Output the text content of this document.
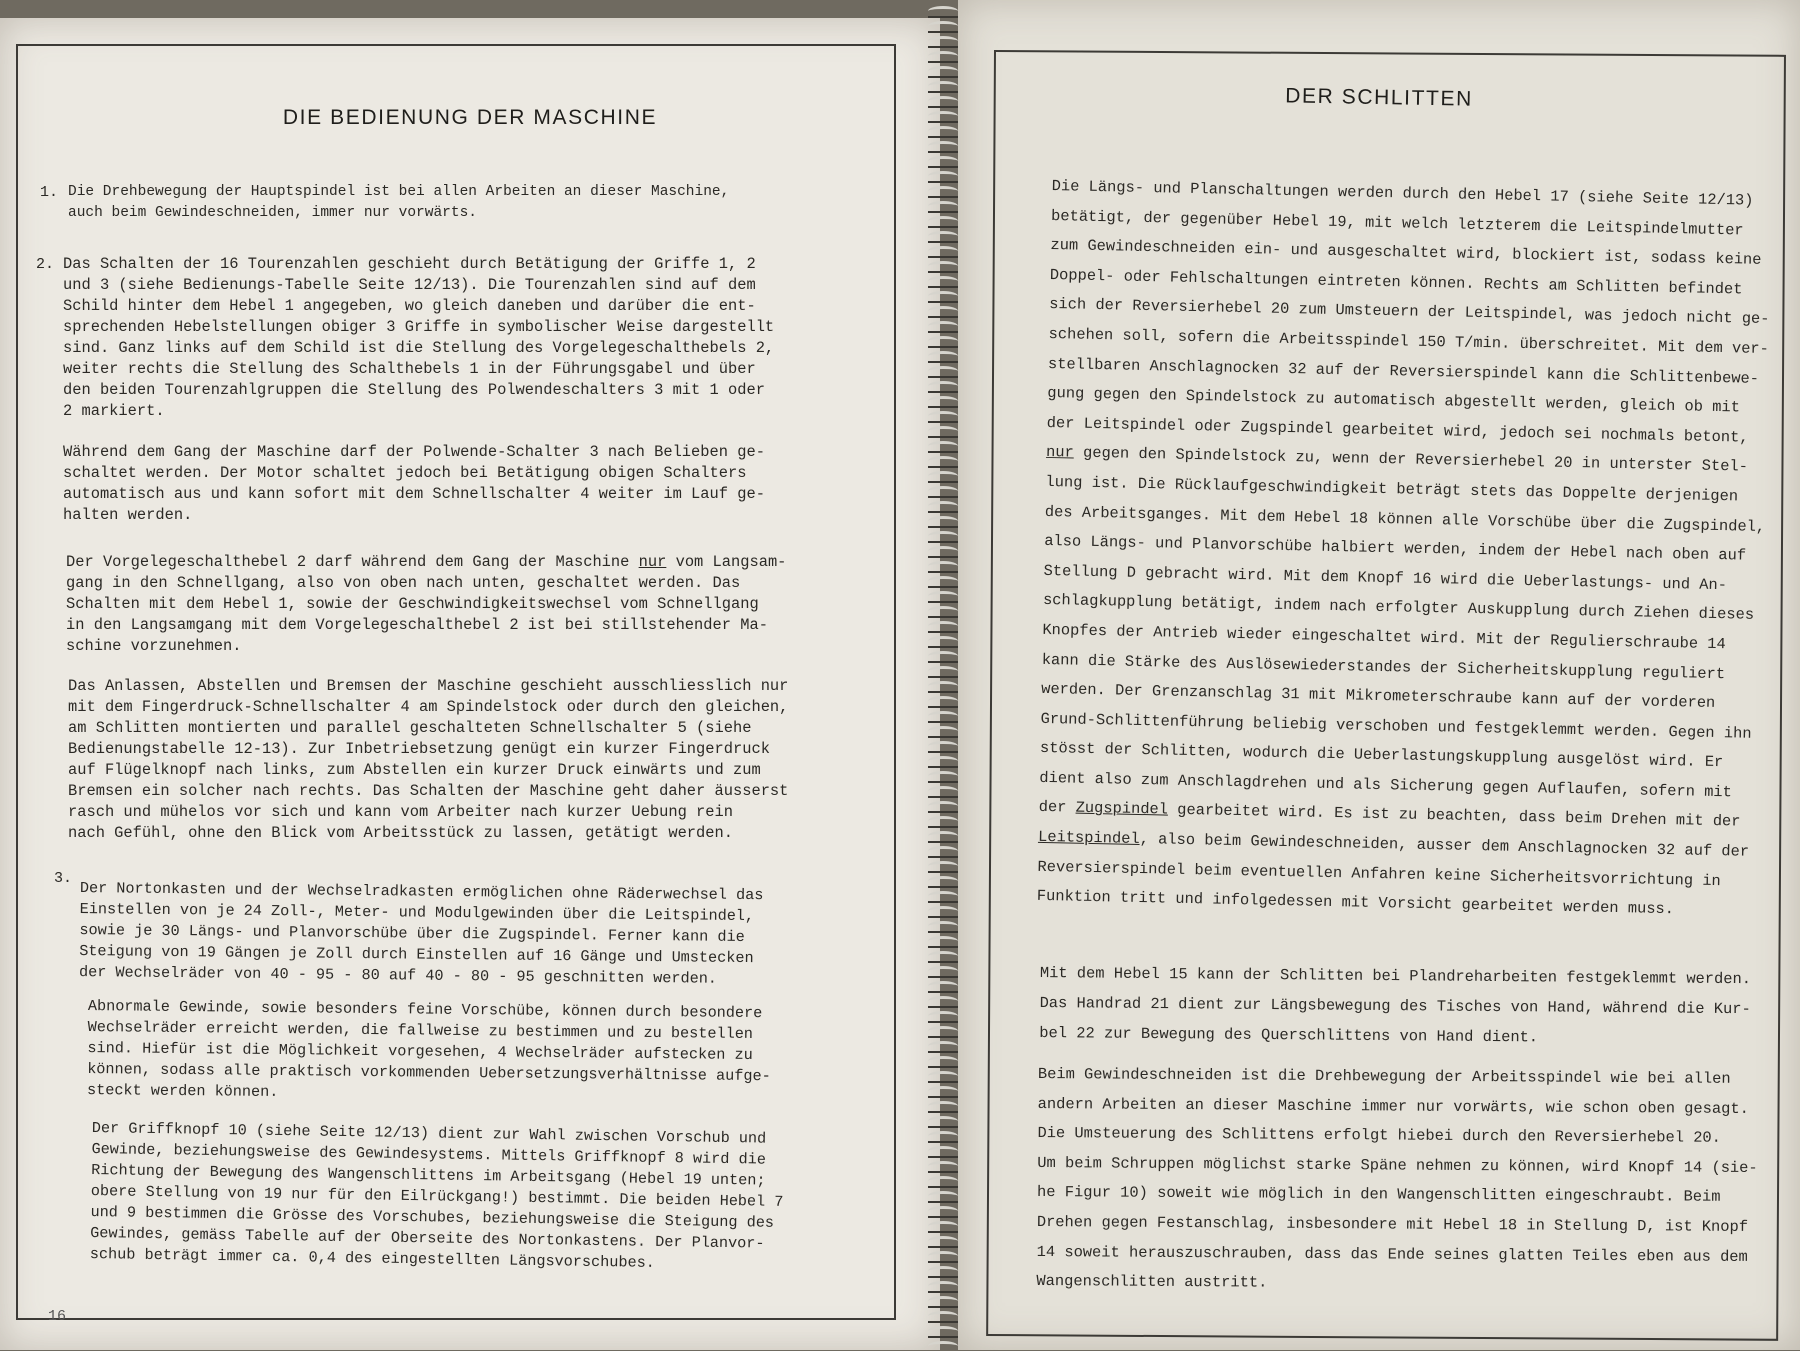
DIE BEDIENUNG DER MASCHINE
1. Die Drehbewegung der Hauptspindel ist bei allen Arbeiten an dieser Maschine,
auch beim Gewindeschneiden, immer nur vorwärts.
2. Das Schalten der 16 Tourenzahlen geschieht durch Betätigung der Griffe 1, 2
und 3 (siehe Bedienungs-Tabelle Seite 12/13). Die Tourenzahlen sind auf dem
Schild hinter dem Hebel 1 angegeben, wo gleich daneben und darüber die ent-
sprechenden Hebelstellungen obiger 3 Griffe in symbolischer Weise dargestellt
sind. Ganz links auf dem Schild ist die Stellung des Vorgelegeschalthebels 2,
weiter rechts die Stellung des Schalthebels 1 in der Führungsgabel und über
den beiden Tourenzahlgruppen die Stellung des Polwendeschalters 3 mit 1 oder
2 markiert.
Während dem Gang der Maschine darf der Polwende-Schalter 3 nach Belieben ge-
schaltet werden. Der Motor schaltet jedoch bei Betätigung obigen Schalters
automatisch aus und kann sofort mit dem Schnellschalter 4 weiter im Lauf ge-
halten werden.
Der Vorgelegeschalthebel 2 darf während dem Gang der Maschine nur vom Langsam-
gang in den Schnellgang, also von oben nach unten, geschaltet werden. Das
Schalten mit dem Hebel 1, sowie der Geschwindigkeitswechsel vom Schnellgang
in den Langsamgang mit dem Vorgelegeschalthebel 2 ist bei stillstehender Ma-
schine vorzunehmen.
Das Anlassen, Abstellen und Bremsen der Maschine geschieht ausschliesslich nur
mit dem Fingerdruck-Schnellschalter 4 am Spindelstock oder durch den gleichen,
am Schlitten montierten und parallel geschalteten Schnellschalter 5 (siehe
Bedienungstabelle 12-13). Zur Inbetriebsetzung genügt ein kurzer Fingerdruck
auf Flügelknopf nach links, zum Abstellen ein kurzer Druck einwärts und zum
Bremsen ein solcher nach rechts. Das Schalten der Maschine geht daher äusserst
rasch und mühelos vor sich und kann vom Arbeiter nach kurzer Uebung rein
nach Gefühl, ohne den Blick vom Arbeitsstück zu lassen, getätigt werden.
3.
Der Nortonkasten und der Wechselradkasten ermöglichen ohne Räderwechsel das
Einstellen von je 24 Zoll-, Meter- und Modulgewinden über die Leitspindel,
sowie je 30 Längs- und Planvorschübe über die Zugspindel. Ferner kann die
Steigung von 19 Gängen je Zoll durch Einstellen auf 16 Gänge und Umstecken
der Wechselräder von 40 - 95 - 80 auf 40 - 80 - 95 geschnitten werden.
Abnormale Gewinde, sowie besonders feine Vorschübe, können durch besondere
Wechselräder erreicht werden, die fallweise zu bestimmen und zu bestellen
sind. Hiefür ist die Möglichkeit vorgesehen, 4 Wechselräder aufstecken zu
können, sodass alle praktisch vorkommenden Uebersetzungsverhältnisse aufge-
steckt werden können.
Der Griffknopf 10 (siehe Seite 12/13) dient zur Wahl zwischen Vorschub und
Gewinde, beziehungsweise des Gewindesystems. Mittels Griffknopf 8 wird die
Richtung der Bewegung des Wangenschlittens im Arbeitsgang (Hebel 19 unten;
obere Stellung von 19 nur für den Eilrückgang!) bestimmt. Die beiden Hebel 7
und 9 bestimmen die Grösse des Vorschubes, beziehungsweise die Steigung des
Gewindes, gemäss Tabelle auf der Oberseite des Nortonkastens. Der Planvor-
schub beträgt immer ca. 0,4 des eingestellten Längsvorschubes.
16
DER SCHLITTEN
Die Längs- und Planschaltungen werden durch den Hebel 17 (siehe Seite 12/13)
betätigt, der gegenüber Hebel 19, mit welch letzterem die Leitspindelmutter
zum Gewindeschneiden ein- und ausgeschaltet wird, blockiert ist, sodass keine
Doppel- oder Fehlschaltungen eintreten können. Rechts am Schlitten befindet
sich der Reversierhebel 20 zum Umsteuern der Leitspindel, was jedoch nicht ge-
schehen soll, sofern die Arbeitsspindel 150 T/min. überschreitet. Mit dem ver-
stellbaren Anschlagnocken 32 auf der Reversierspindel kann die Schlittenbewe-
gung gegen den Spindelstock zu automatisch abgestellt werden, gleich ob mit
der Leitspindel oder Zugspindel gearbeitet wird, jedoch sei nochmals betont,
nur gegen den Spindelstock zu, wenn der Reversierhebel 20 in unterster Stel-
lung ist. Die Rücklaufgeschwindigkeit beträgt stets das Doppelte derjenigen
des Arbeitsganges. Mit dem Hebel 18 können alle Vorschübe über die Zugspindel,
also Längs- und Planvorschübe halbiert werden, indem der Hebel nach oben auf
Stellung D gebracht wird. Mit dem Knopf 16 wird die Ueberlastungs- und An-
schlagkupplung betätigt, indem nach erfolgter Auskupplung durch Ziehen dieses
Knopfes der Antrieb wieder eingeschaltet wird. Mit der Regulierschraube 14
kann die Stärke des Auslösewiederstandes der Sicherheitskupplung reguliert
werden. Der Grenzanschlag 31 mit Mikrometerschraube kann auf der vorderen
Grund-Schlittenführung beliebig verschoben und festgeklemmt werden. Gegen ihn
stösst der Schlitten, wodurch die Ueberlastungskupplung ausgelöst wird. Er
dient also zum Anschlagdrehen und als Sicherung gegen Auflaufen, sofern mit
der Zugspindel gearbeitet wird. Es ist zu beachten, dass beim Drehen mit der
Leitspindel, also beim Gewindeschneiden, ausser dem Anschlagnocken 32 auf der
Reversierspindel beim eventuellen Anfahren keine Sicherheitsvorrichtung in
Funktion tritt und infolgedessen mit Vorsicht gearbeitet werden muss.
Mit dem Hebel 15 kann der Schlitten bei Plandreharbeiten festgeklemmt werden.
Das Handrad 21 dient zur Längsbewegung des Tisches von Hand, während die Kur-
bel 22 zur Bewegung des Querschlittens von Hand dient.
Beim Gewindeschneiden ist die Drehbewegung der Arbeitsspindel wie bei allen
andern Arbeiten an dieser Maschine immer nur vorwärts, wie schon oben gesagt.
Die Umsteuerung des Schlittens erfolgt hiebei durch den Reversierhebel 20.
Um beim Schruppen möglichst starke Späne nehmen zu können, wird Knopf 14 (sie-
he Figur 10) soweit wie möglich in den Wangenschlitten eingeschraubt. Beim
Drehen gegen Festanschlag, insbesondere mit Hebel 18 in Stellung D, ist Knopf
14 soweit herauszuschrauben, dass das Ende seines glatten Teiles eben aus dem
Wangenschlitten austritt.
